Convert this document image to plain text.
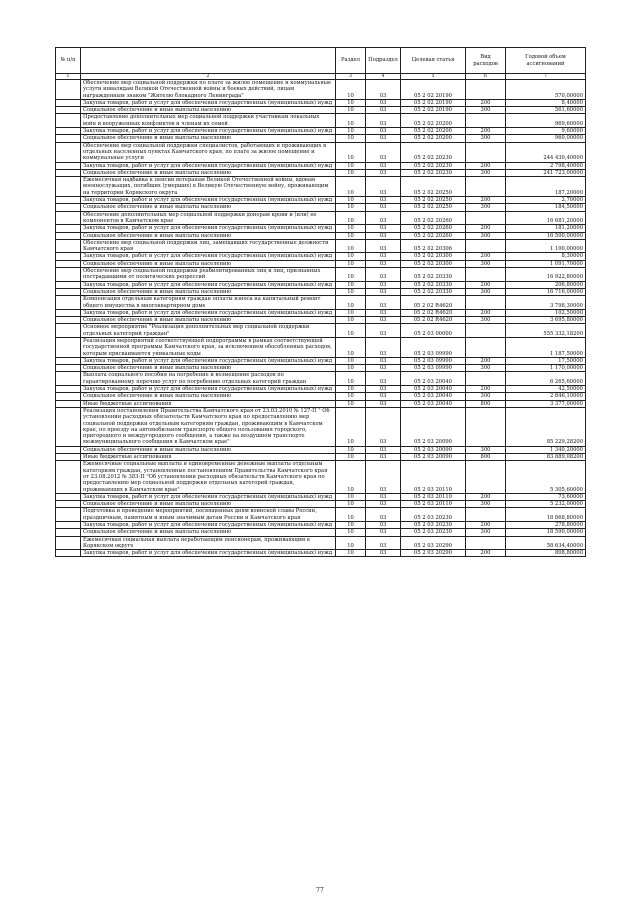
№ п/п		Раздел	Подраздел	Целевая статья	Вид расходов	Годовой объем ассигнований
1	2	3	4	5	6	7
	Обеспечение мер социальной поддержки по плате за жилое помещение и коммунальные услуги инвалидам Великой Отечественной войны и боевых действий, лицам награжденным знаком "Жителю блокадного Ленинграда"	10	03	05 2 02 20190		570,00000
	Закупка товаров, работ и услуг для обеспечения государственных (муниципальных) нужд	10	03	05 2 02 20190	200	8,40000
	Социальное обеспечение и иные выплаты населению	10	03	05 2 02 20190	300	561,60000
	Предоставление дополнительных мер социальной поддержки участникам локальных войн и вооруженных конфликтов и членам их семей	10	03	05 2 02 20200		969,60000
	Закупка товаров, работ и услуг для обеспечения государственных (муниципальных) нужд	10	03	05 2 02 20200	200	9,60000
	Социальное обеспечение и иные выплаты населению	10	03	05 2 02 20200	300	960,00000
	Обеспечение мер социальной поддержки специалистов, работающих и проживающих в отдельных населенных пунктах Камчатского края, по плате за жилое помещение и коммунальные услуги	10	03	05 2 02 20230		244 430,40000
	Закупка товаров, работ и услуг для обеспечения государственных (муниципальных) нужд	10	03	05 2 02 20230	200	2 798,40000
	Социальное обеспечение и иные выплаты населению	10	03	05 2 02 20230	300	241 723,00000
	Ежемесячная надбавка к пенсии ветеранам Великой Отечественной войны, вдовам военнослужащих, погибших (умерших) в Великую Отечественную войну, проживающим на территории Корякского округа	10	03	05 2 02 20250		187,20000
	Закупка товаров, работ и услуг для обеспечения государственных (муниципальных) нужд	10	03	05 2 02 20250	200	2,70000
	Социальное обеспечение и иные выплаты населению	10	03	05 2 02 20250	300	184,50000
	Обеспечение дополнительных мер социальной поддержки донорам крови и (или) ее компонентов в Камчатском крае	10	03	05 2 02 20260		16 681,20000
	Закупка товаров, работ и услуг для обеспечения государственных (муниципальных) нужд	10	03	05 2 02 20260	200	181,20000
	Социальное обеспечение и иные выплаты населению	10	03	05 2 02 20260	300	16 500,00000
	Обеспечение мер социальной поддержки лиц, замещавших государственные должности Камчатского края	10	03	05 2 02 20306		1 100,00000
	Закупка товаров, работ и услуг для обеспечения государственных (муниципальных) нужд	10	03	05 2 02 20300	200	8,30000
	Социальное обеспечение и иные выплаты населению	10	03	05 2 02 20300	300	1 091,70000
	Обеспечение мер социальной поддержки реабилитированных лиц и лиц, признанных пострадавшими от политических репрессий	10	03	05 2 02 20330		16 922,80000
	Закупка товаров, работ и услуг для обеспечения государственных (муниципальных) нужд	10	03	05 2 02 20330	200	206,80000
	Социальное обеспечение и иные выплаты населению	10	03	05 2 02 20330	300	16 716,00000
	Компенсация отдельным категориям граждан оплаты взноса на капитальный ремонт общего имущества в многоквартирном доме	10	03	05 2 02 R4620		3 798,30000
	Закупка товаров, работ и услуг для обеспечения государственных (муниципальных) нужд	10	03	05 2 02 R4620	200	102,50000
	Социальное обеспечение и иные выплаты населению	10	03	05 2 02 R4620	300	3 695,80000
	Основное мероприятие "Реализация дополнительных мер социальной поддержки отдельных категорий граждан"	10	03	05 2 03 00000		555 332,18200
	Реализация мероприятий соответствующей подпрограммы в рамках соответствующей государственной программы Камчатского края, за исключением обособленных расходов, которым присваиваются уникальные коды	10	03	05 2 03 09990		1 187,50000
	Закупка товаров, работ и услуг для обеспечения государственных (муниципальных) нужд	10	03	05 2 03 09990	200	17,50000
	Социальное обеспечение и иные выплаты населению	10	03	05 2 03 09990	300	1 170,00000
	Выплата социального пособия на погребение и возмещение расходов по гарантированному перечню услуг по погребению отдельных категорий граждан	10	03	05 2 03 20040		6 265,60000
	Закупка товаров, работ и услуг для обеспечения государственных (муниципальных) нужд	10	03	05 2 03 20040	200	42,50000
	Социальное обеспечение и иные выплаты населению	10	03	05 2 03 20040	300	2 846,10000
	Иные бюджетные ассигнования	10	03	05 2 03 20040	800	3 377,00000
	Реализация постановления Правительства Камчатского края от 23.03.2010 № 127-П " Об установлении расходных обязательств Камчатского края по предоставлению мер социальной поддержки отдельным категориям граждан, проживающим в Камчатском крае, по проезду на автомобильном транспорте общего пользования городского, пригородного и междугородного сообщения, а также на воздушном транспорте межмуниципального сообщения в Камчатском крае"	10	03	05 2 03 20090		85 229,28200
	Социальное обеспечение и иные выплаты населению	10	03	05 2 03 20090	300	1 340,20000
	Иные бюджетные ассигнования	10	03	05 2 03 20090	800	83 889,08200
	Ежемесячные социальные выплаты и единовременные денежные выплаты отдельным категориям граждан, установленные постановлением Правительства Камчатского края от 23.08.2012 № 383-П "Об установлении расходных обязательств Камчатского края по предоставлению мер социальной поддержки отдельных категорий граждан, проживающих в Камчатском крае"	10	03	05 2 03 20110		5 305,60000
	Закупка товаров, работ и услуг для обеспечения государственных (муниципальных) нужд	10	03	05 2 03 20110	200	73,60000
	Социальное обеспечение и иные выплаты населению	10	03	05 2 03 20110	300	5 232,00000
	Подготовка и проведение мероприятий, посвященных дням воинской славы России, праздничным, памятным и иным значимым датам России и Камчатского края	10	03	05 2 03 20230		18 868,80000
	Закупка товаров, работ и услуг для обеспечения государственных (муниципальных) нужд	10	03	05 2 03 20230	200	278,80000
	Социальное обеспечение и иные выплаты населению	10	03	05 2 03 20230	300	18 590,00000
	Ежемесячная социальная выплата неработающим пенсионерам, проживающим в Корякском округе	10	03	05 2 03 20290		58 634,40000
	Закупка товаров, работ и услуг для обеспечения государственных (муниципальных) нужд	10	03	05 2 03 20290	200	808,80000
77
